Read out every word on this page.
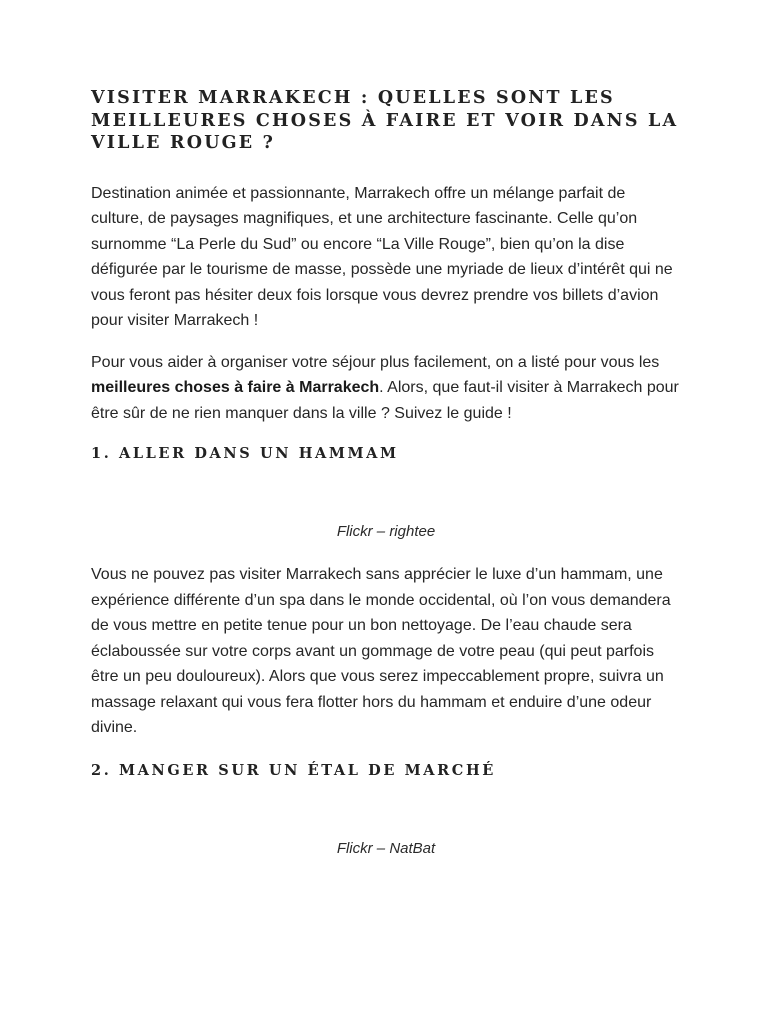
VISITER MARRAKECH : QUELLES SONT LES MEILLEURES CHOSES À FAIRE ET VOIR DANS LA VILLE ROUGE ?

Destination animée et passionnante, Marrakech offre un mélange parfait de culture, de paysages magnifiques, et une architecture fascinante. Celle qu’on surnomme “La Perle du Sud” ou encore “La Ville Rouge”, bien qu’on la dise défigurée par le tourisme de masse, possède une myriade de lieux d’intérêt qui ne vous feront pas hésiter deux fois lorsque vous devrez prendre vos billets d’avion pour visiter Marrakech !

Pour vous aider à organiser votre séjour plus facilement, on a listé pour vous les meilleures choses à faire à Marrakech. Alors, que faut-il visiter à Marrakech pour être sûr de ne rien manquer dans la ville ? Suivez le guide !

1. ALLER DANS UN HAMMAM

Flickr – rightee

Vous ne pouvez pas visiter Marrakech sans apprécier le luxe d’un hammam, une expérience différente d’un spa dans le monde occidental, où l’on vous demandera de vous mettre en petite tenue pour un bon nettoyage. De l’eau chaude sera éclaboussée sur votre corps avant un gommage de votre peau (qui peut parfois être un peu douloureux). Alors que vous serez impeccablement propre, suivra un massage relaxant qui vous fera flotter hors du hammam et enduire d’une odeur divine.

2. MANGER SUR UN ÉTAL DE MARCHÉ

Flickr – NatBat
